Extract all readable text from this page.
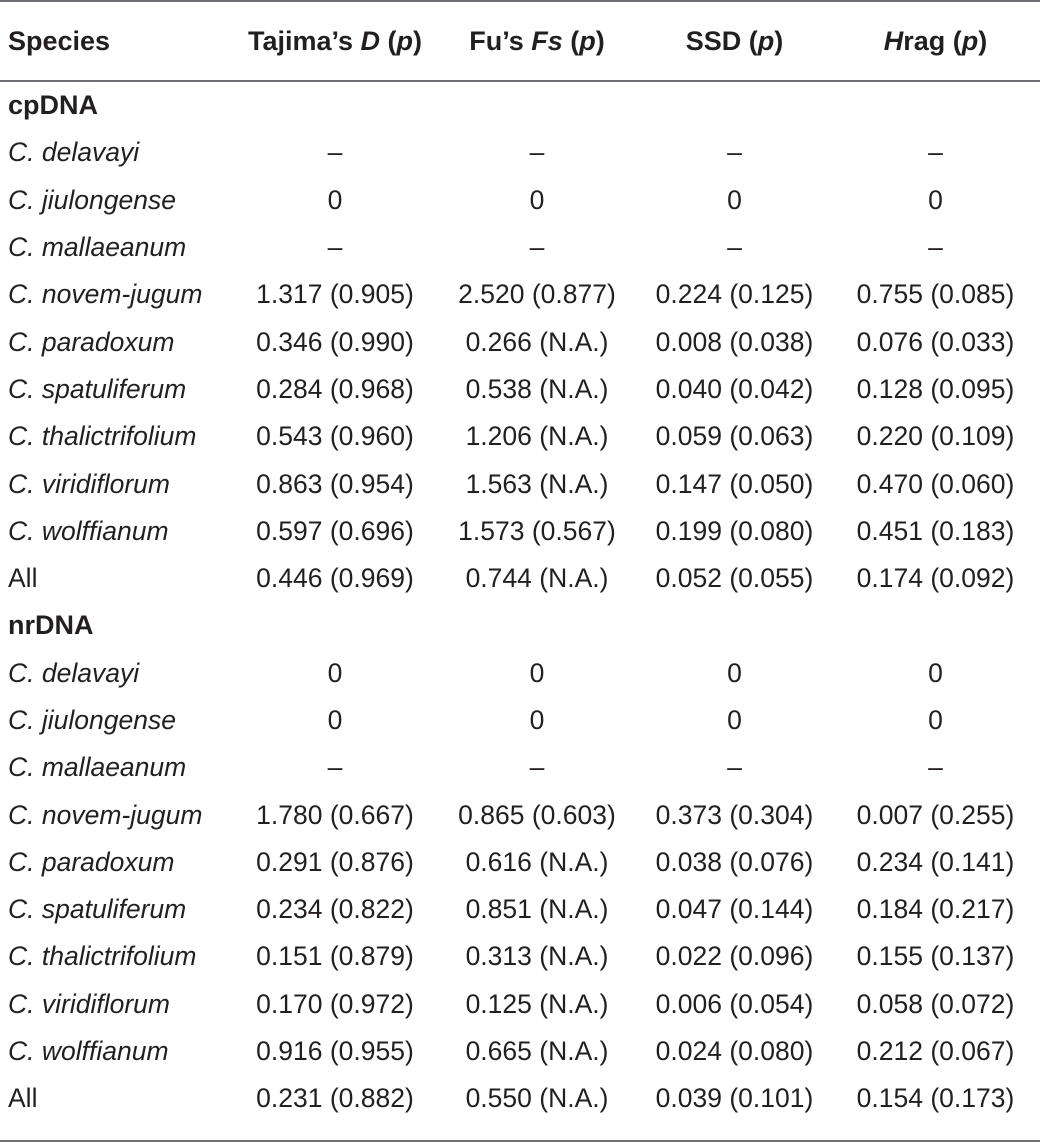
Species	Tajima’s D (p)	Fu’s Fs (p)	SSD (p)	Hrag (p)
cpDNA				
C. delavayi	–	–	–	–
C. jiulongense	0	0	0	0
C. mallaeanum	–	–	–	–
C. novem-jugum	1.317 (0.905)	2.520 (0.877)	0.224 (0.125)	0.755 (0.085)
C. paradoxum	0.346 (0.990)	0.266 (N.A.)	0.008 (0.038)	0.076 (0.033)
C. spatuliferum	0.284 (0.968)	0.538 (N.A.)	0.040 (0.042)	0.128 (0.095)
C. thalictrifolium	0.543 (0.960)	1.206 (N.A.)	0.059 (0.063)	0.220 (0.109)
C. viridiflorum	0.863 (0.954)	1.563 (N.A.)	0.147 (0.050)	0.470 (0.060)
C. wolffianum	0.597 (0.696)	1.573 (0.567)	0.199 (0.080)	0.451 (0.183)
All	0.446 (0.969)	0.744 (N.A.)	0.052 (0.055)	0.174 (0.092)
nrDNA				
C. delavayi	0	0	0	0
C. jiulongense	0	0	0	0
C. mallaeanum	–	–	–	–
C. novem-jugum	1.780 (0.667)	0.865 (0.603)	0.373 (0.304)	0.007 (0.255)
C. paradoxum	0.291 (0.876)	0.616 (N.A.)	0.038 (0.076)	0.234 (0.141)
C. spatuliferum	0.234 (0.822)	0.851 (N.A.)	0.047 (0.144)	0.184 (0.217)
C. thalictrifolium	0.151 (0.879)	0.313 (N.A.)	0.022 (0.096)	0.155 (0.137)
C. viridiflorum	0.170 (0.972)	0.125 (N.A.)	0.006 (0.054)	0.058 (0.072)
C. wolffianum	0.916 (0.955)	0.665 (N.A.)	0.024 (0.080)	0.212 (0.067)
All	0.231 (0.882)	0.550 (N.A.)	0.039 (0.101)	0.154 (0.173)
